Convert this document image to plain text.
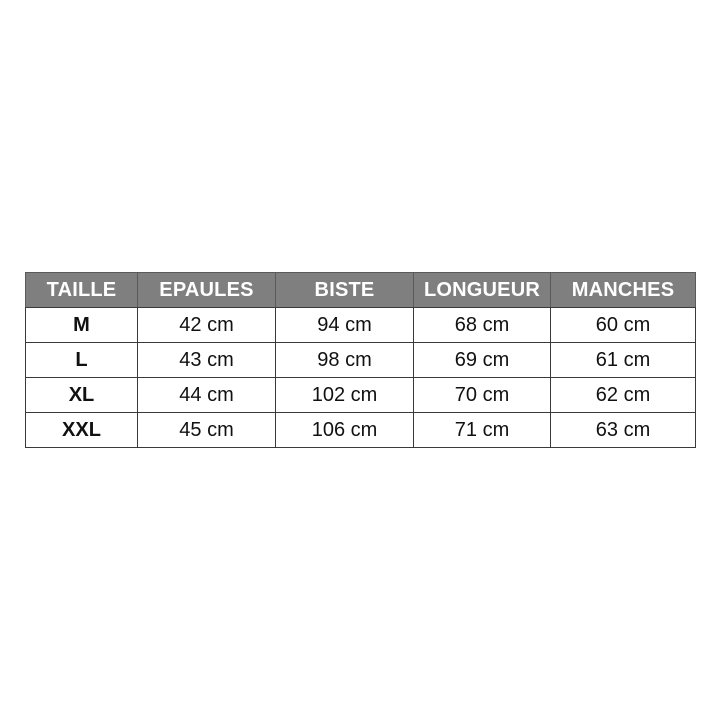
TAILLE	EPAULES	BISTE	LONGUEUR	MANCHES
M	42 cm	94 cm	68 cm	60 cm
L	43 cm	98 cm	69 cm	61 cm
XL	44 cm	102 cm	70 cm	62 cm
XXL	45 cm	106 cm	71 cm	63 cm
